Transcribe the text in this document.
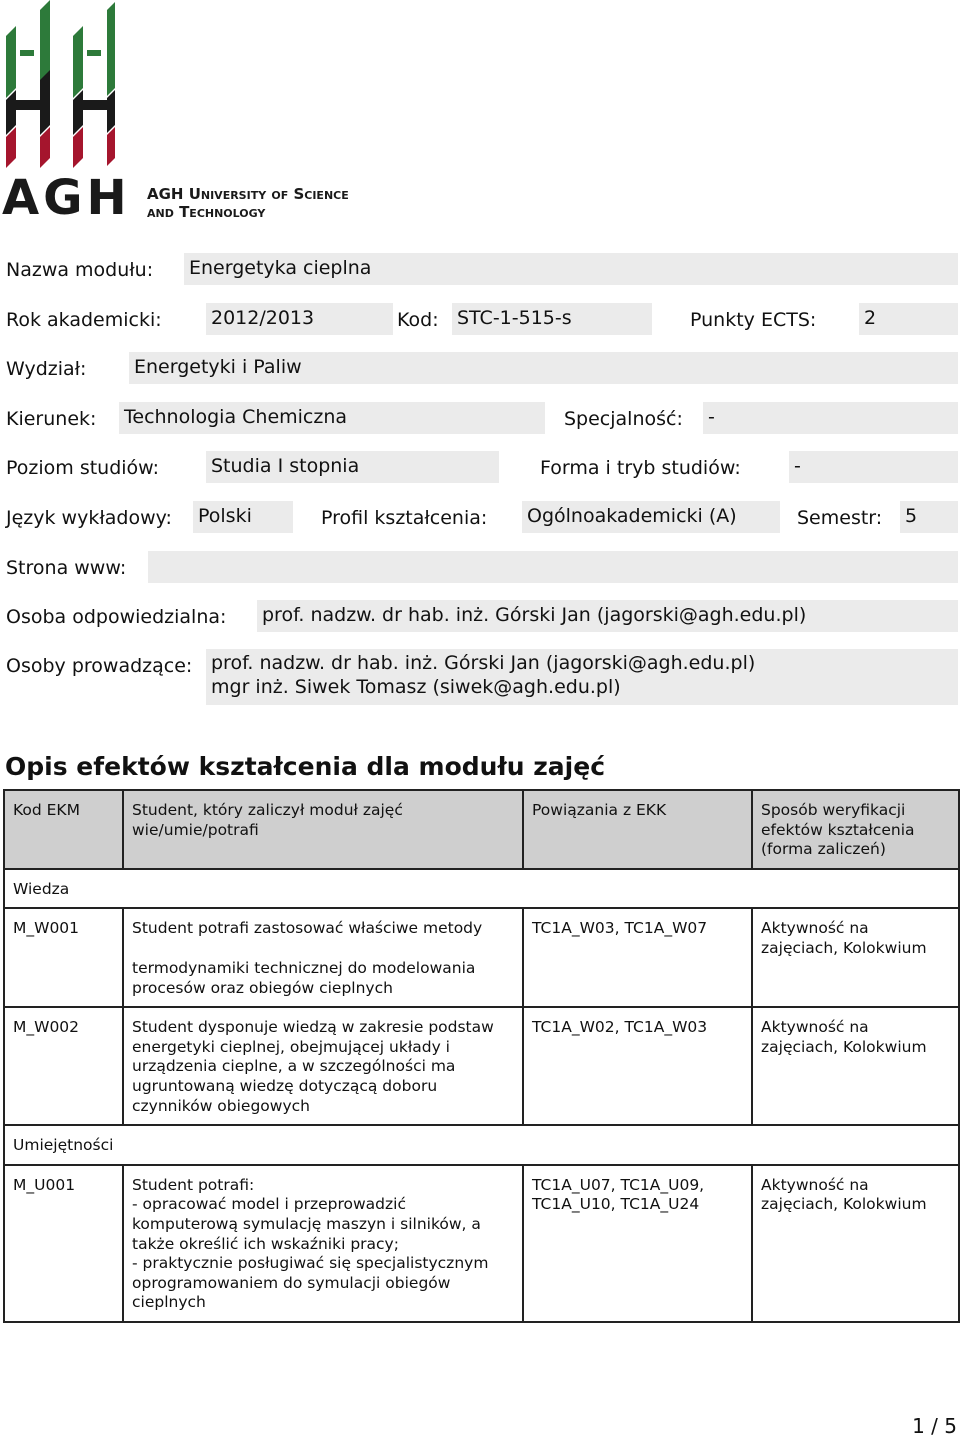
AGH AGH University of Science
and Technology
Nazwa modułu: Energetyka cieplna
Rok akademicki:	2012/2013	Kod: STC-1-515-s	Punkty ECTS:	2
Wydział:	Energetyki i Paliw
Kierunek: Technologia Chemiczna	Specjalność: -
Poziom studiów:	Studia I stopnia	Forma i tryb studiów:	-
Język wykładowy: Polski	Profil kształcenia: Ogólnoakademicki (A)	Semestr: 5
Strona www:
Osoba odpowiedzialna: prof. nadzw. dr hab. inż. Górski Jan (jagorski@agh.edu.pl)
Osoby prowadzące: prof. nadzw. dr hab. inż. Górski Jan (jagorski@agh.edu.pl)
mgr inż. Siwek Tomasz (siwek@agh.edu.pl)
Opis efektów kształcenia dla modułu zajęć
Kod EKM	Student, który zaliczył moduł zajęć wie/umie/potrafi	Powiązania z EKK	Sposób weryfikacji efektów kształcenia (forma zaliczeń)
Wiedza			
M_W001	Student potrafi zastosować właściwe metody
termodynamiki technicznej do modelowania procesów oraz obiegów cieplnych	TC1A_W03, TC1A_W07	Aktywność na zajęciach, Kolokwium
M_W002	Student dysponuje wiedzą w zakresie podstaw energetyki cieplnej, obejmującej układy i urządzenia cieplne, a w szczególności ma ugruntowaną wiedzę dotyczącą doboru czynników obiegowych	TC1A_W02, TC1A_W03	Aktywność na zajęciach, Kolokwium
Umiejętności			
M_U001	Student potrafi:
- opracować model i przeprowadzić komputerową symulację maszyn i silników, a także określić ich wskaźniki pracy;
- praktycznie posługiwać się specjalistycznym oprogramowaniem do symulacji obiegów cieplnych	TC1A_U07, TC1A_U09, TC1A_U10, TC1A_U24	Aktywność na zajęciach, Kolokwium
1 / 5
